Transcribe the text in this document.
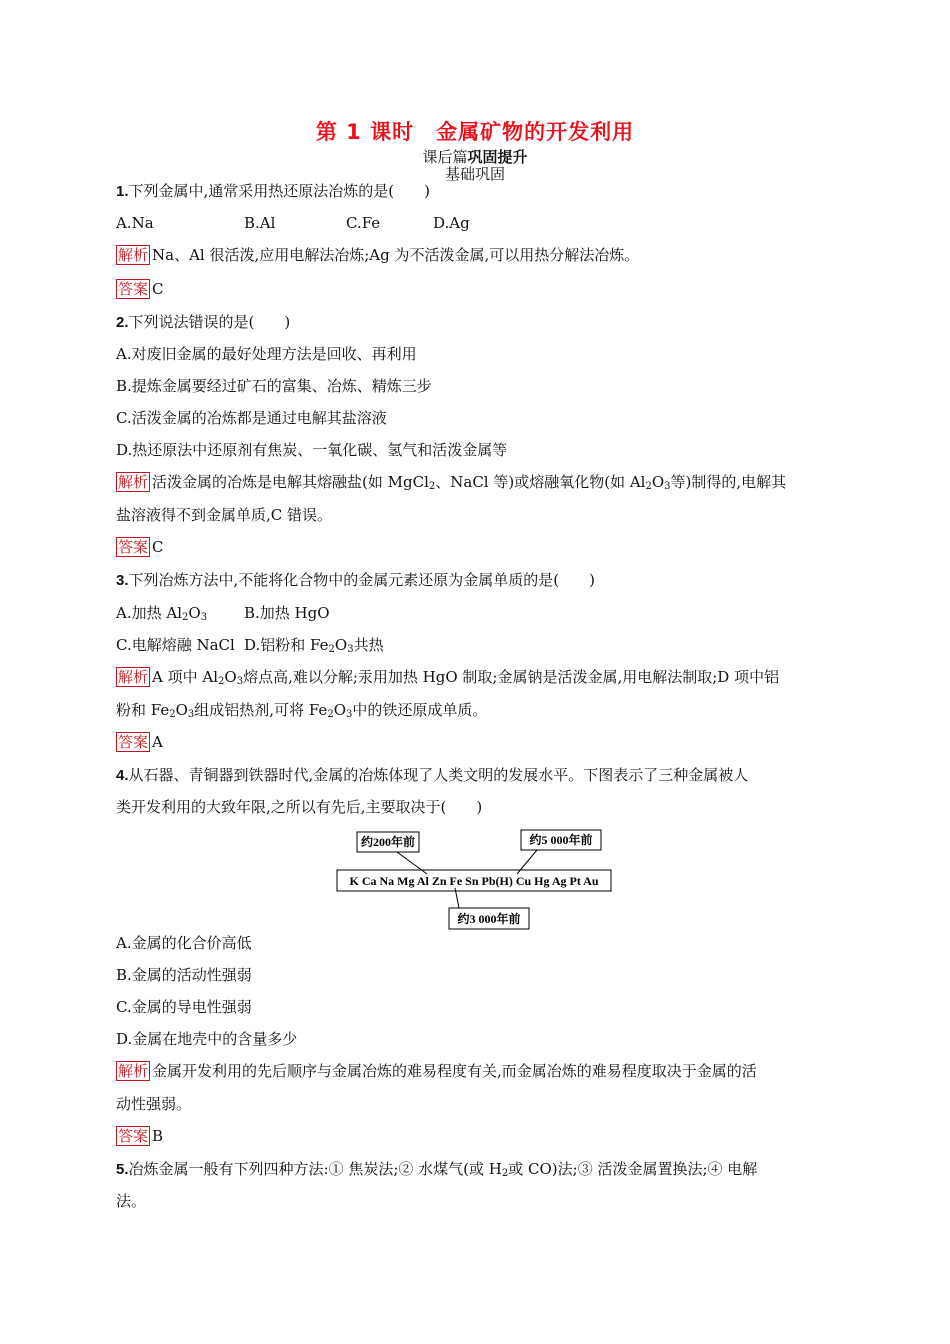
第 1 课时　金属矿物的开发利用
课后篇巩固提升
基础巩固
1.下列金属中,通常采用热还原法冶炼的是(　　)
A.Na	B.Al	C.Fe	D.Ag
解析 Na、Al 很活泼,应用电解法冶炼;Ag 为不活泼金属,可以用热分解法冶炼。
答案 C
2.下列说法错误的是(　　)
A.对废旧金属的最好处理方法是回收、再利用
B.提炼金属要经过矿石的富集、冶炼、精炼三步
C.活泼金属的冶炼都是通过电解其盐溶液
D.热还原法中还原剂有焦炭、一氧化碳、氢气和活泼金属等
解析 活泼金属的冶炼是电解其熔融盐(如 MgCl$_2$、NaCl 等)或熔融氧化物(如 $Al_2O_3$等)制得的,电解其
盐溶液得不到金属单质,C 错误。
答案 C
3.下列冶炼方法中,不能将化合物中的金属元素还原为金属单质的是(　　)
A.加热 $Al_2O_3$ B.加热 HgO
C.电解熔融 NaCl D.铝粉和 $Fe_2O_3$共热
解析 A 项中 $Al_2O_3$熔点高,难以分解;汞用加热 HgO 制取;金属钠是活泼金属,用电解法制取;D 项中铝
粉和 $Fe_2O_3$组成铝热剂,可将 $Fe_2O_3$中的铁还原成单质。
答案 A
4.从石器、青铜器到铁器时代,金属的冶炼体现了人类文明的发展水平。下图表示了三种金属被人
类开发利用的大致年限,之所以有先后,主要取决于(　　)
约200年前	约5 000年前
K Ca Na Mg Al Zn Fe Sn Pb(H) Cu Hg Ag Pt Au
约3 000年前
A.金属的化合价高低
B.金属的活动性强弱
C.金属的导电性强弱
D.金属在地壳中的含量多少
解析 金属开发利用的先后顺序与金属冶炼的难易程度有关,而金属冶炼的难易程度取决于金属的活
动性强弱。
答案 B
5.冶炼金属一般有下列四种方法:① 焦炭法;② 水煤气(或 $H_2$或 CO)法;③ 活泼金属置换法;④ 电解
法。
